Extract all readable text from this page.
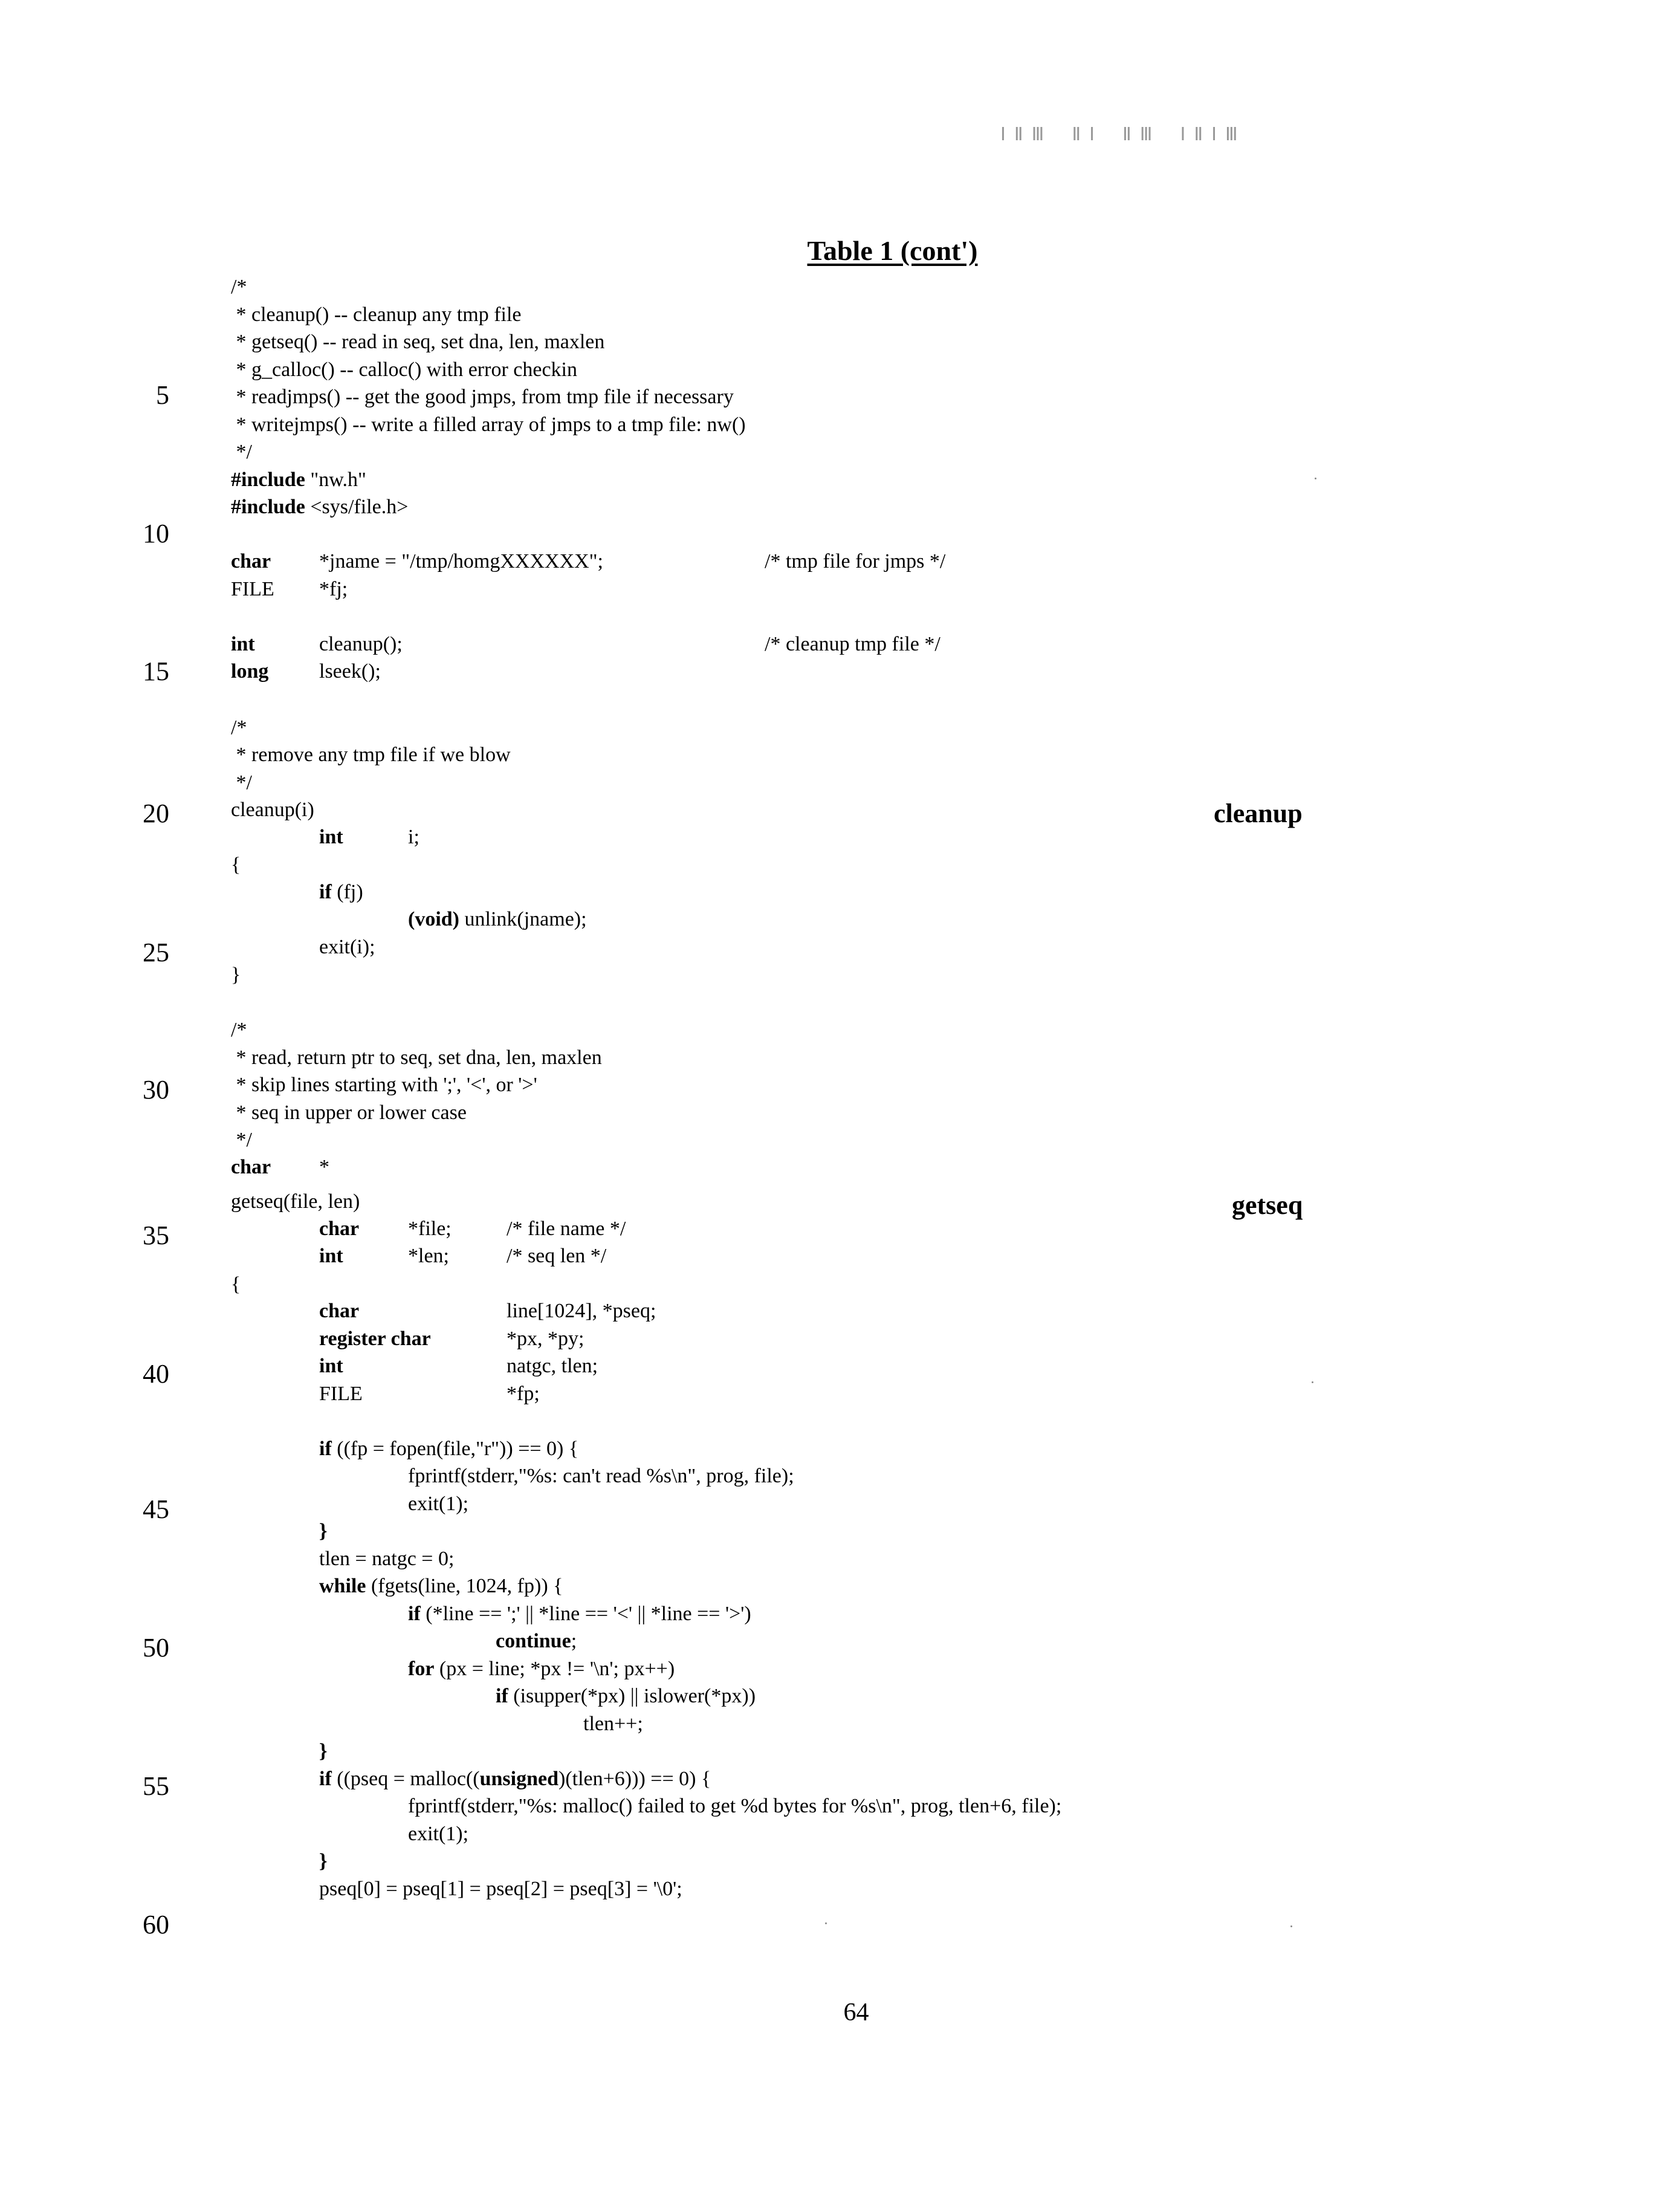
ⅠⅡⅢ ⅡⅠ ⅡⅢ ⅠⅡⅠⅢ
Table 1 (cont')
5
10
15
20
25
30
35
40
45
50
55
60
cleanup
getseq
/*
* cleanup() -- cleanup any tmp file
* getseq() -- read in seq, set dna, len, maxlen
* g_calloc() -- calloc() with error checkin
* readjmps() -- get the good jmps, from tmp file if necessary
* writejmps() -- write a filled array of jmps to a tmp file: nw()
*/
#include "nw.h"
#include <sys/file.h>
char *jname = "/tmp/homgXXXXXX";	/* tmp file for jmps */
FILE *fj;
int	cleanup();	/* cleanup tmp file */
long lseek();
/*
* remove any tmp file if we blow
*/
cleanup(i)
int	i;
{
if (fj)
(void) unlink(jname);
exit(i);
}
/*
* read, return ptr to seq, set dna, len, maxlen
* skip lines starting with ';', '<', or '>'
* seq in upper or lower case
*/
char *
getseq(file, len)
char *file;	/* file name */
int	*len;	/* seq len */
{
char	line[1024], *pseq;
register char	*px, *py;
int	natgc, tlen;
FILE	*fp;
if ((fp = fopen(file,"r")) == 0) {
fprintf(stderr,"%s: can't read %s\n", prog, file);
exit(1);
}
tlen = natgc = 0;
while (fgets(line, 1024, fp)) {
if (*line == ';' || *line == '<' || *line == '>')
continue;
for (px = line; *px != '\n'; px++)
if (isupper(*px) || islower(*px))
tlen++;
}
if ((pseq = malloc((unsigned)(tlen+6))) == 0) {
fprintf(stderr,"%s: malloc() failed to get %d bytes for %s\n", prog, tlen+6, file);
exit(1);
}
pseq[0] = pseq[1] = pseq[2] = pseq[3] = '\0';
64
